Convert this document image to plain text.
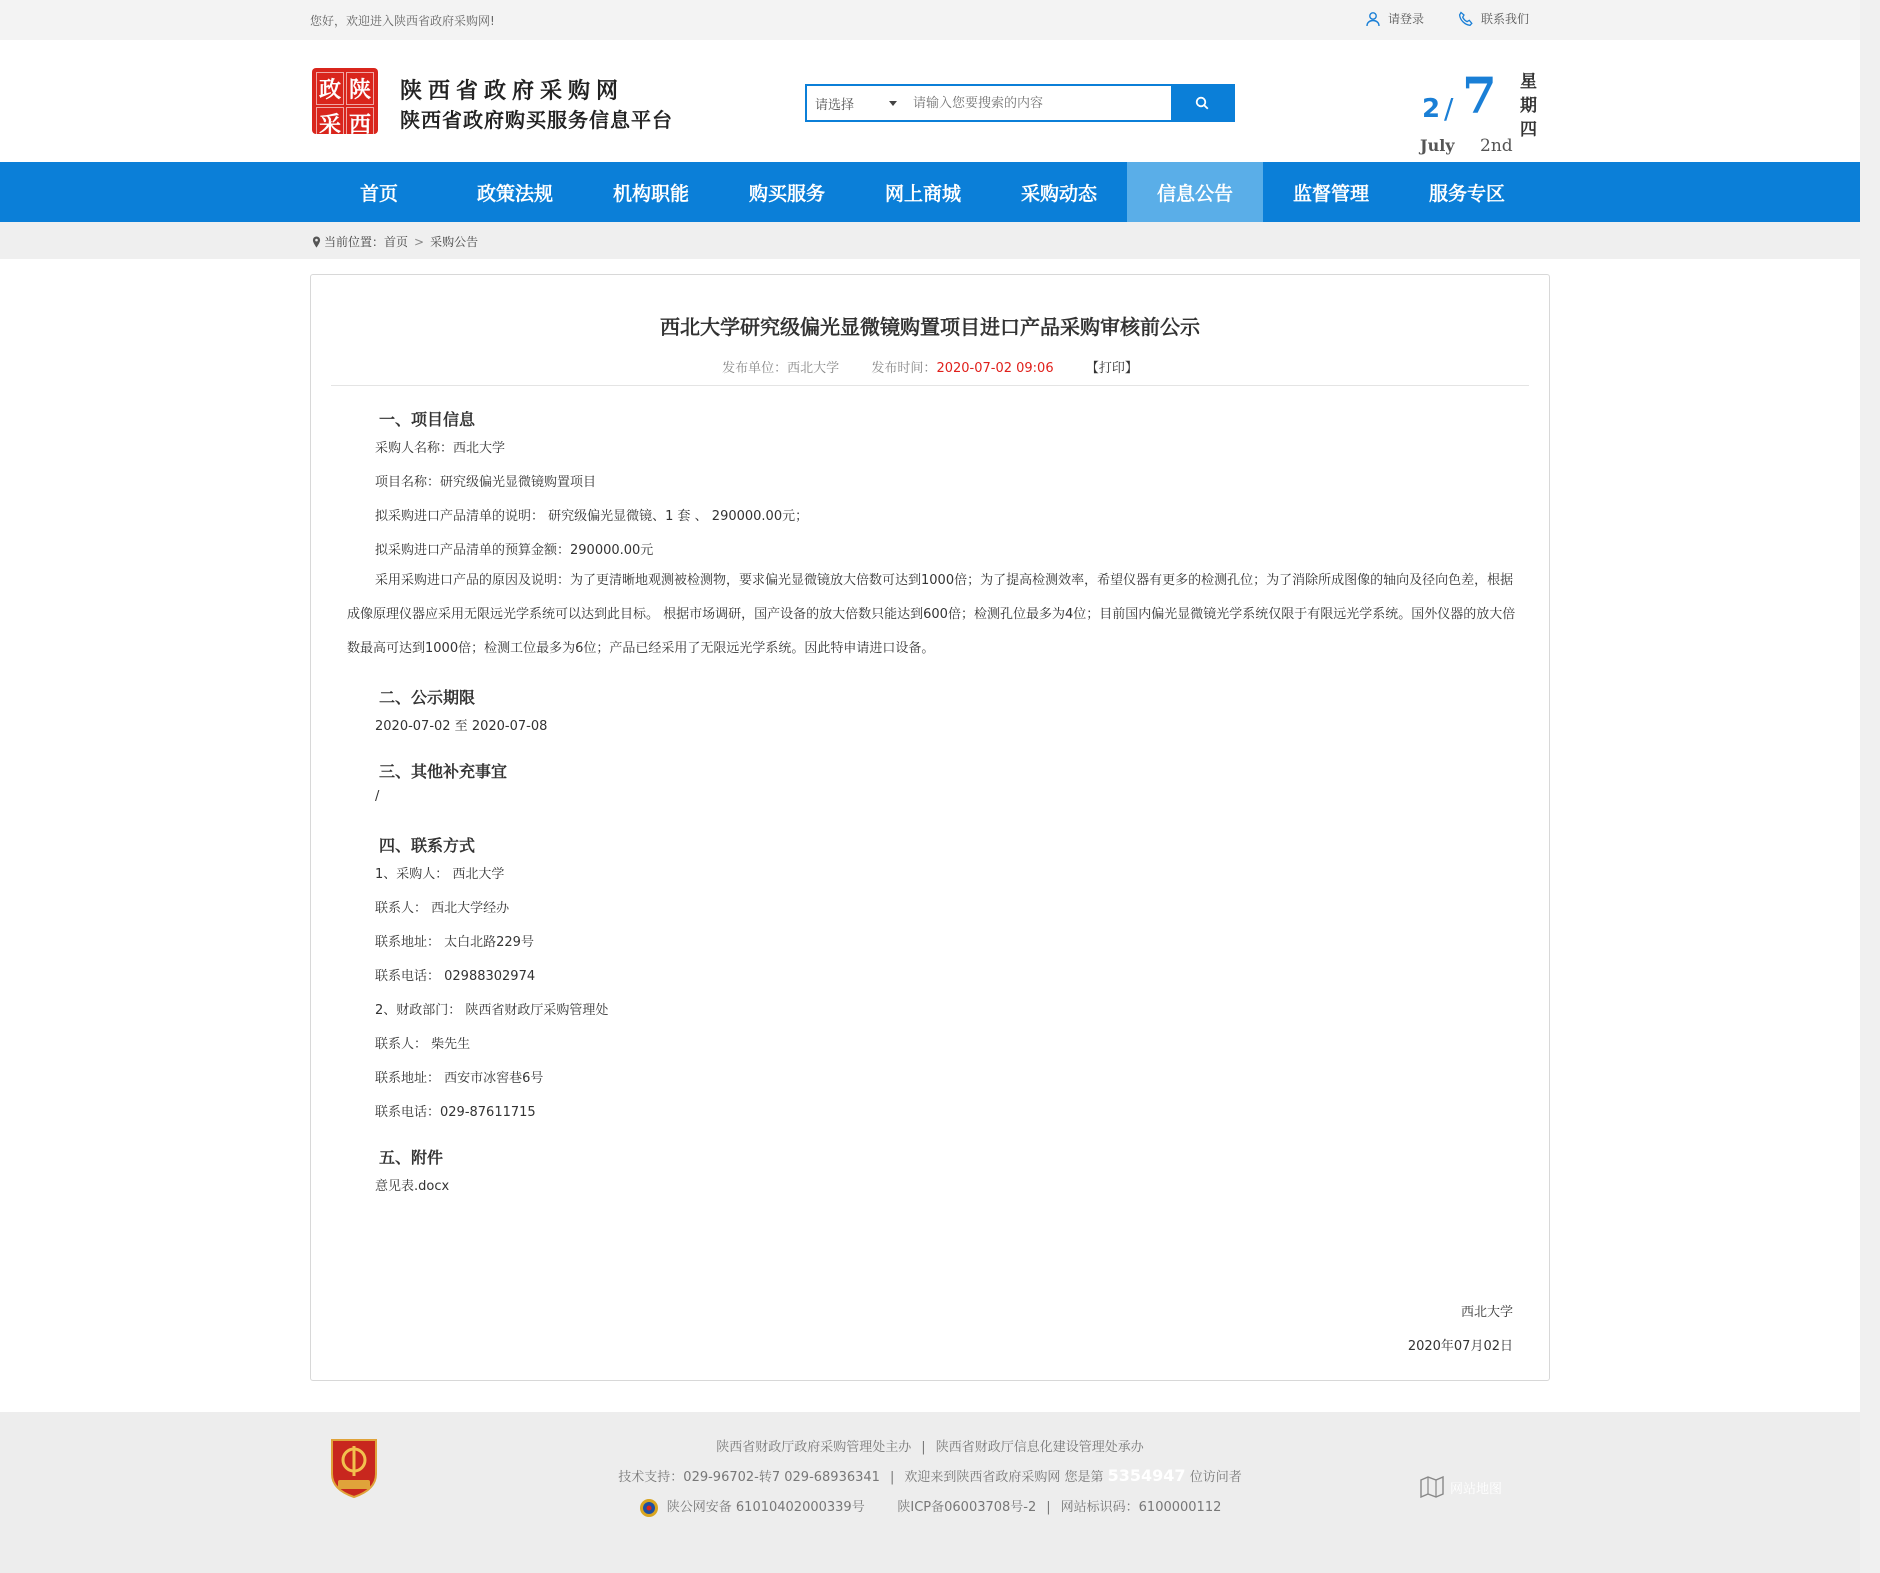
您好，欢迎进入陕西省政府采购网!	请登录	联系我们
政 陕
采 西
陕西省政府采购网
陕西省政府购买服务信息平台
请选择
请输入您要搜索的内容	2 / 7
July 2nd
星
期
四
首页	政策法规	机构职能	购买服务	网上商城	采购动态	信息公告	监督管理	服务专区
当前位置： 首页 > 采购公告
西北大学研究级偏光显微镜购置项目进口产品采购审核前公示
发布单位：西北大学 发布时间：2020-07-02 09:06 【打印】
一、项目信息
采购人名称：西北大学
项目名称：研究级偏光显微镜购置项目
拟采购进口产品清单的说明： 研究级偏光显微镜、1 套 、 290000.00元；
拟采购进口产品清单的预算金额：290000.00元
采用采购进口产品的原因及说明：为了更清晰地观测被检测物，要求偏光显微镜放大倍数可达到1000倍；为了提高检测效率，希望仪器有更多的检测孔位；为了消除所成图像的轴向及径向色差，根据成像原理仪器应采用无限远光学系统可以达到此目标。 根据市场调研，国产设备的放大倍数只能达到600倍；检测孔位最多为4位；目前国内偏光显微镜光学系统仅限于有限远光学系统。国外仪器的放大倍数最高可达到1000倍；检测工位最多为6位；产品已经采用了无限远光学系统。因此特申请进口设备。
二、公示期限
2020-07-02 至 2020-07-08
三、其他补充事宜
/
四、联系方式
1、采购人： 西北大学
联系人： 西北大学经办
联系地址： 太白北路229号
联系电话： 02988302974
2、财政部门： 陕西省财政厅采购管理处
联系人： 柴先生
联系地址： 西安市冰窖巷6号
联系电话：029-87611715
五、附件
意见表.docx
西北大学
2020年07月02日
陕西省财政厅政府采购管理处主办 | 陕西省财政厅信息化建设管理处承办
技术支持：029-96702-转7 029-68936341 | 欢迎来到陕西省政府采购网 您是第 5354947 位访问者
陕公网安备 61010402000339号	陕ICP备06003708号-2 | 网站标识码：6100000112
网站地图
